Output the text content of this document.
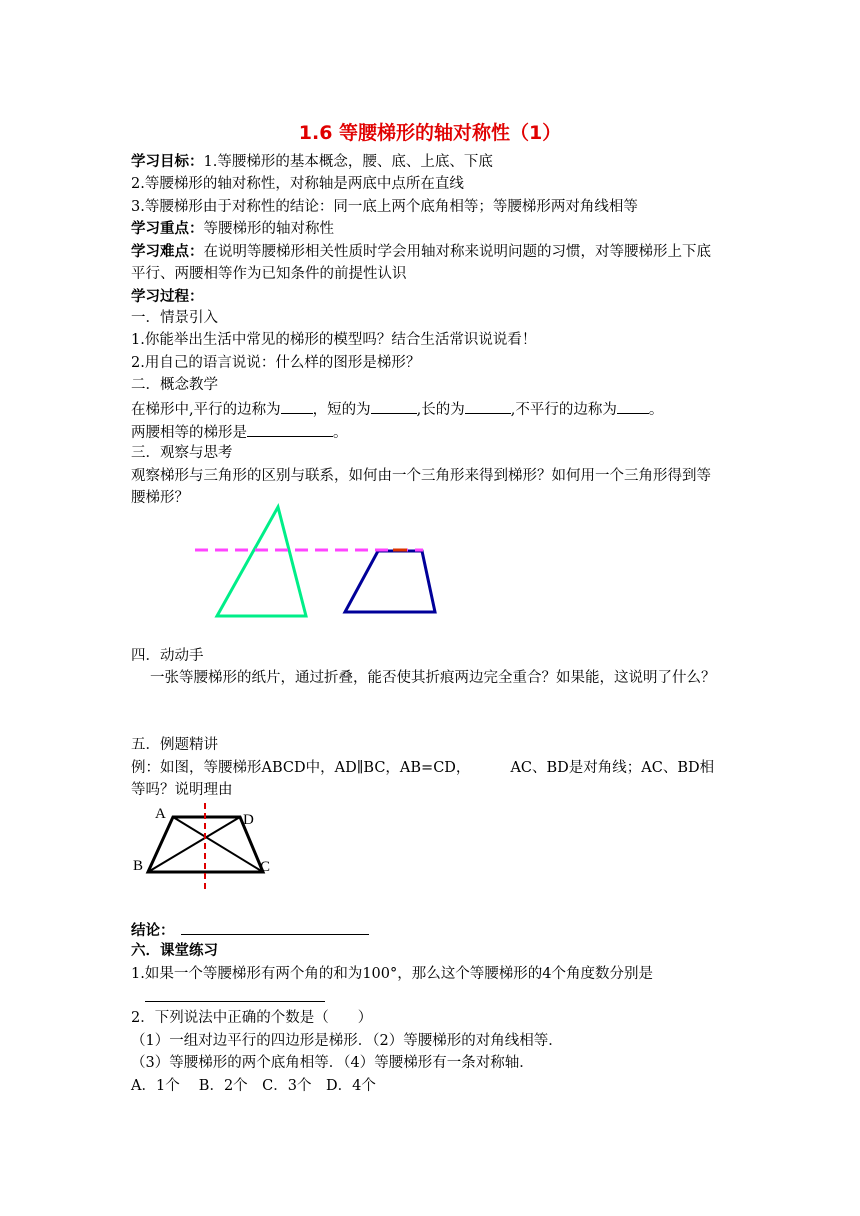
1.6 等腰梯形的轴对称性（1）
学习目标：1.等腰梯形的基本概念，腰、底、上底、下底
2.等腰梯形的轴对称性，对称轴是两底中点所在直线
3.等腰梯形由于对称性的结论：同一底上两个底角相等；等腰梯形两对角线相等
学习重点：等腰梯形的轴对称性
学习难点：在说明等腰梯形相关性质时学会用轴对称来说明问题的习惯，对等腰梯形上下底
平行、两腰相等作为已知条件的前提性认识
学习过程：
一．情景引入
1.你能举出生活中常见的梯形的模型吗？结合生活常识说说看！
2.用自己的语言说说：什么样的图形是梯形？
二．概念教学
在梯形中,平行的边称为 ，短的为	,长的为	,不平行的边称为 。
两腰相等的梯形是	。
三．观察与思考
观察梯形与三角形的区别与联系，如何由一个三角形来得到梯形？如何用一个三角形得到等
腰梯形？
四．动动手
一张等腰梯形的纸片，通过折叠，能否使其折痕两边完全重合？如果能，这说明了什么？
五．例题精讲
例：如图，等腰梯形ABCD中，AD∥BC，AB=CD，	AC、BD是对角线；AC、BD相
等吗？说明理由
A	D
B	C
结论：
六．课堂练习
1.如果一个等腰梯形有两个角的和为100°，那么这个等腰梯形的4个角度数分别是
2．下列说法中正确的个数是（　　）
（1）一组对边平行的四边形是梯形．（2）等腰梯形的对角线相等．
（3）等腰梯形的两个底角相等．（4）等腰梯形有一条对称轴．
A．1个　 B．2个　C．3个　D．4个
